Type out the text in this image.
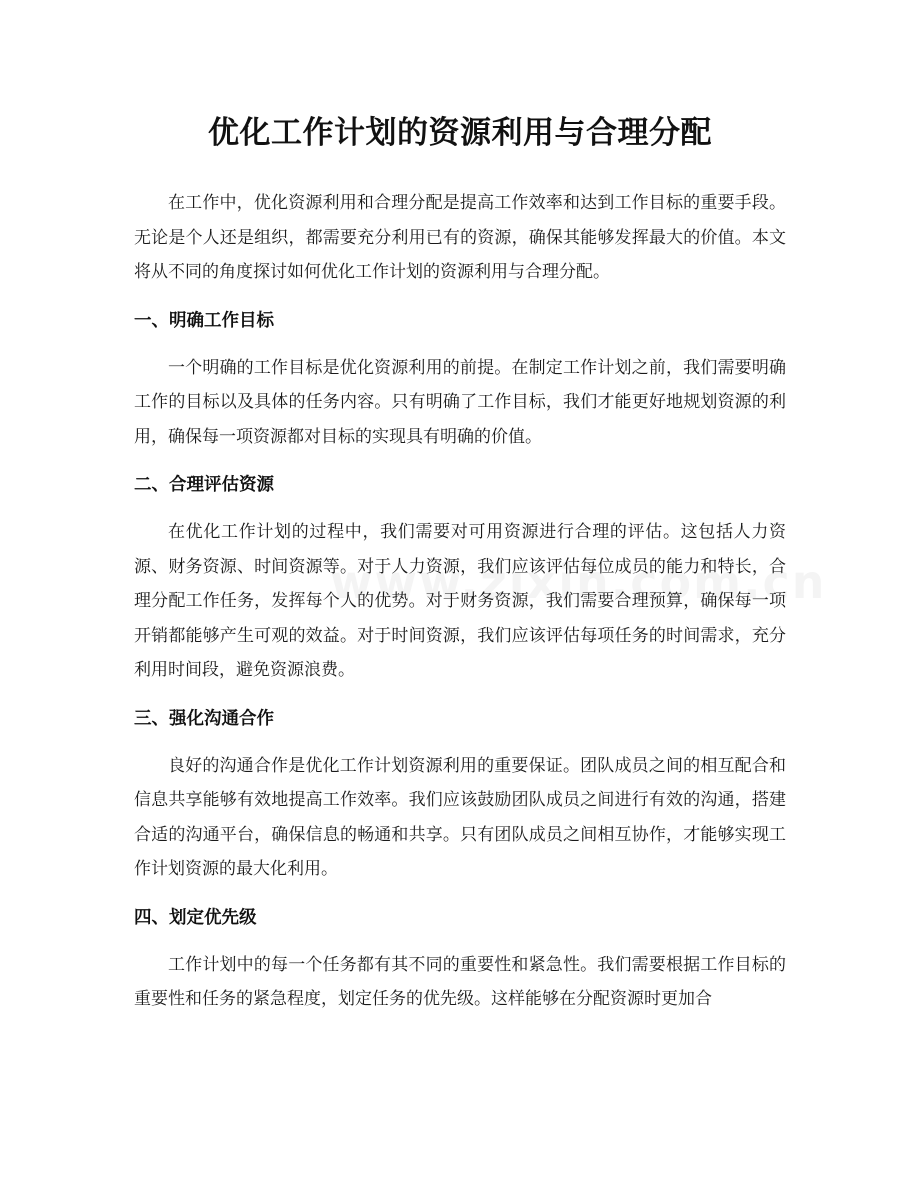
优化工作计划的资源利用与合理分配

在工作中，优化资源利用和合理分配是提高工作效率和达到工作目标的重要手段。无论是个人还是组织，都需要充分利用已有的资源，确保其能够发挥最大的价值。本文将从不同的角度探讨如何优化工作计划的资源利用与合理分配。

一、明确工作目标

一个明确的工作目标是优化资源利用的前提。在制定工作计划之前，我们需要明确工作的目标以及具体的任务内容。只有明确了工作目标，我们才能更好地规划资源的利用，确保每一项资源都对目标的实现具有明确的价值。

二、合理评估资源

在优化工作计划的过程中，我们需要对可用资源进行合理的评估。这包括人力资源、财务资源、时间资源等。对于人力资源，我们应该评估每位成员的能力和特长，合理分配工作任务，发挥每个人的优势。对于财务资源，我们需要合理预算，确保每一项开销都能够产生可观的效益。对于时间资源，我们应该评估每项任务的时间需求，充分利用时间段，避免资源浪费。

三、强化沟通合作

良好的沟通合作是优化工作计划资源利用的重要保证。团队成员之间的相互配合和信息共享能够有效地提高工作效率。我们应该鼓励团队成员之间进行有效的沟通，搭建合适的沟通平台，确保信息的畅通和共享。只有团队成员之间相互协作，才能够实现工作计划资源的最大化利用。

四、划定优先级

工作计划中的每一个任务都有其不同的重要性和紧急性。我们需要根据工作目标的重要性和任务的紧急程度，划定任务的优先级。这样能够在分配资源时更加合
